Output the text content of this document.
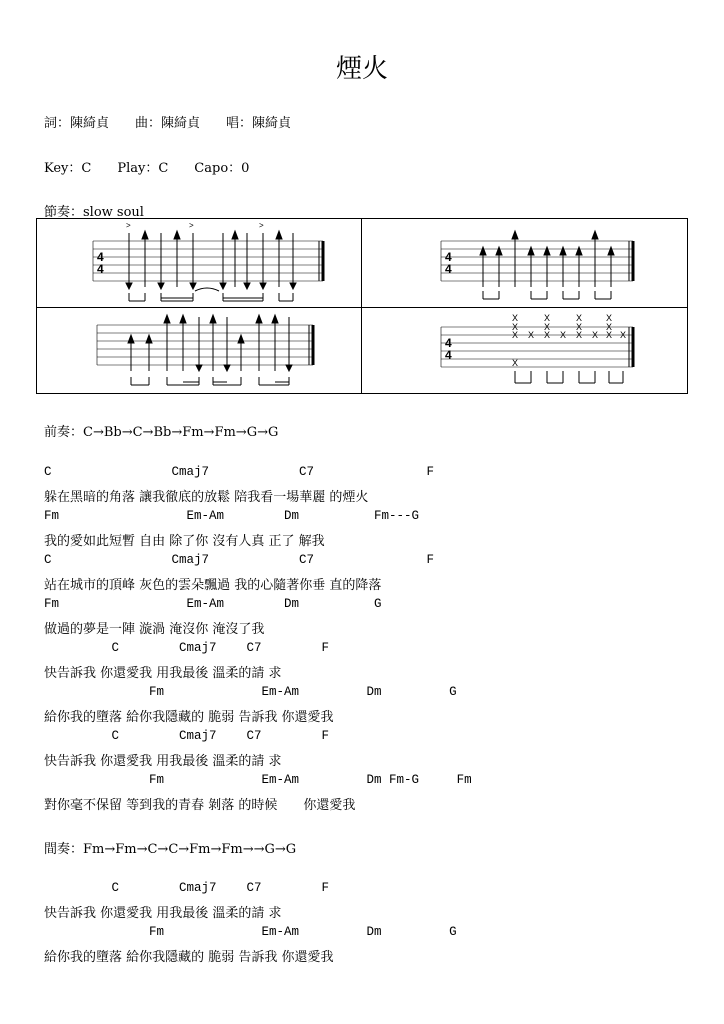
煙火
詞：陳綺貞　　曲：陳綺貞　　唱：陳綺貞
Key：C　　Play：C　　Capo：0
節奏：slow soul
4
4
>	>	>
4
4
4
4
X
X
X
X
X
X
X
X
X X X X X X X X
X
前奏：C→Bb→C→Bb→Fm→Fm→G→G
C                Cmaj7            C7               F
躲在黑暗的角落 讓我徹底的放鬆 陪我看一場華麗 的煙火
Fm                 Em-Am        Dm          Fm---G
我的愛如此短暫 自由 除了你 沒有人真 正了 解我
C                Cmaj7            C7               F
站在城市的頂峰 灰色的雲朵飄過 我的心隨著你垂 直的降落
Fm                 Em-Am        Dm          G
做過的夢是一陣 漩渦 淹沒你 淹沒了我
C        Cmaj7    C7        F
快告訴我 你還愛我 用我最後 溫柔的請 求
Fm             Em-Am         Dm         G
給你我的墮落 給你我隱藏的 脆弱 告訴我 你還愛我
C        Cmaj7    C7        F
快告訴我 你還愛我 用我最後 溫柔的請 求
Fm             Em-Am         Dm Fm-G     Fm
對你毫不保留 等到我的青春 剝落 的時候　　你還愛我
間奏：Fm→Fm→C→C→Fm→Fm→→G→G
C        Cmaj7    C7        F
快告訴我 你還愛我 用我最後 溫柔的請 求
Fm             Em-Am         Dm         G
給你我的墮落 給你我隱藏的 脆弱 告訴我 你還愛我
